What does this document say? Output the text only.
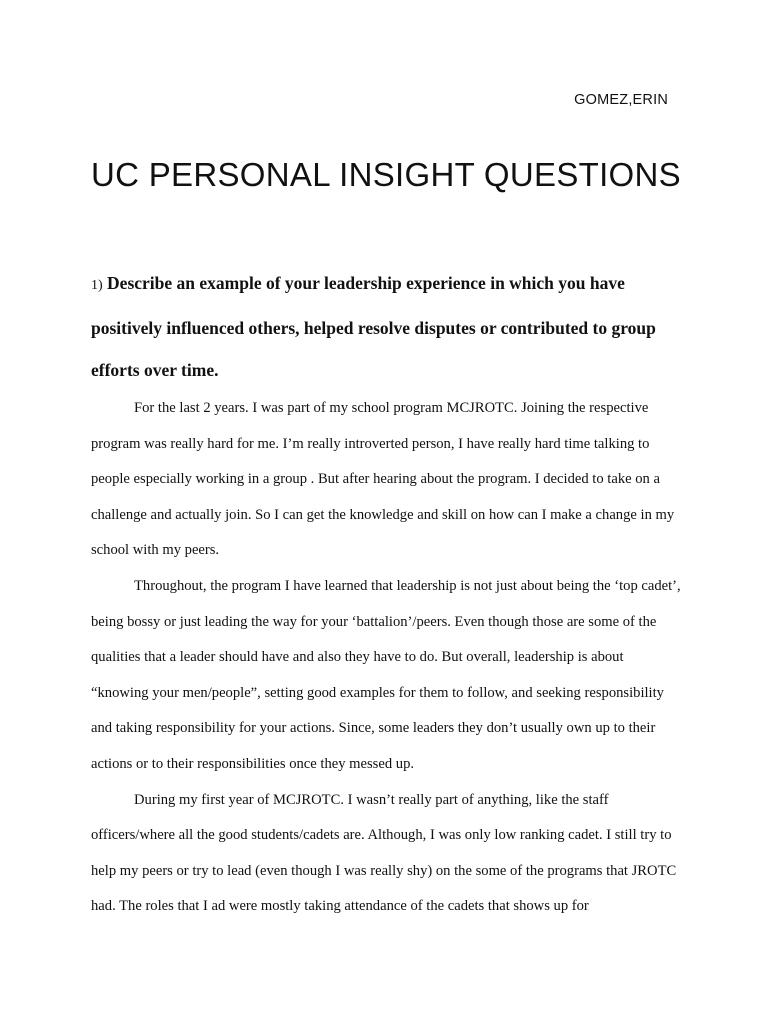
GOMEZ,ERIN
UC PERSONAL INSIGHT QUESTIONS

1) Describe an example of your leadership experience in which you have positively influenced others, helped resolve disputes or contributed to group efforts over time.

For the last 2 years. I was part of my school program MCJROTC. Joining the respective program was really hard for me. I’m really introverted person, I have really hard time talking to people especially working in a group . But after hearing about the program. I decided to take on a challenge and actually join. So I can get the knowledge and skill on how can I make a change in my school with my peers.

Throughout, the program I have learned that leadership is not just about being the ‘top cadet’, being bossy or just leading the way for your ‘battalion’/peers. Even though those are some of the qualities that a leader should have and also they have to do. But overall, leadership is about “knowing your men/people”, setting good examples for them to follow, and seeking responsibility and taking responsibility for your actions. Since, some leaders they don’t usually own up to their actions or to their responsibilities once they messed up.

During my first year of MCJROTC. I wasn’t really part of anything, like the staff officers/where all the good students/cadets are. Although, I was only low ranking cadet. I still try to help my peers or try to lead (even though I was really shy) on the some of the programs that JROTC had. The roles that I ad were mostly taking attendance of the cadets that shows up for
